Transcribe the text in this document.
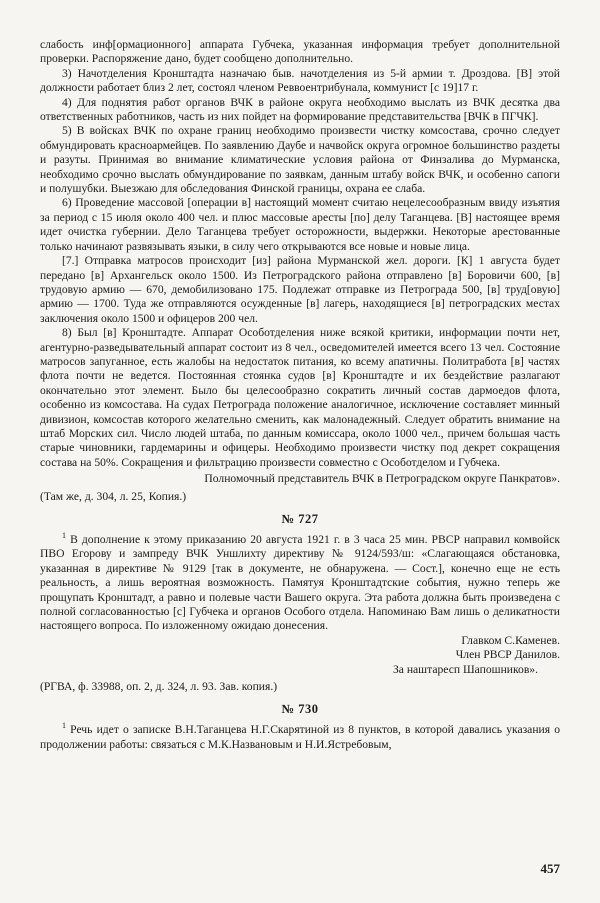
слабость инф[ормационного] аппарата Губчека, указанная информация требует дополнительной проверки. Распоряжение дано, будет сообщено дополнительно.

3) Начотделения Кронштадта назначаю быв. начотделения из 5-й армии т. Дроздова. [В] этой должности работает близ 2 лет, состоял членом Реввоентрибунала, коммунист [с 19]17 г.

4) Для поднятия работ органов ВЧК в районе округа необходимо выслать из ВЧК десятка два ответственных работников, часть из них пойдет на формирование представительства [ВЧК в ПГЧК].

5) В войсках ВЧК по охране границ необходимо произвести чистку комсостава, срочно следует обмундировать красноармейцев. По заявлению Даубе и начвойск округа огромное большинство раздеты и разуты. Принимая во внимание климатические условия района от Финзалива до Мурманска, необходимо срочно выслать обмундирование по заявкам, данным штабу войск ВЧК, и особенно сапоги и полушубки. Выезжаю для обследования Финской границы, охрана ее слаба.

6) Проведение массовой [операции в] настоящий момент считаю нецелесообразным ввиду изъятия за период с 15 июля около 400 чел. и плюс массовые аресты [по] делу Таганцева. [В] настоящее время идет очистка губернии. Дело Таганцева требует осторожности, выдержки. Некоторые арестованные только начинают развязывать языки, в силу чего открываются все новые и новые лица.

[7.] Отправка матросов происходит [из] района Мурманской жел. дороги. [К] 1 августа будет передано [в] Архангельск около 1500. Из Петроградского района отправлено [в] Боровичи 600, [в] трудовую армию — 670, демобилизовано 175. Подлежат отправке из Петрограда 500, [в] труд[овую] армию — 1700. Туда же отправляются осужденные [в] лагерь, находящиеся [в] петроградских местах заключения около 1500 и офицеров 200 чел.

8) Был [в] Кронштадте. Аппарат Особотделения ниже всякой критики, информации почти нет, агентурно-разведывательный аппарат состоит из 8 чел., осведомителей имеется всего 13 чел. Состояние матросов запуганное, есть жалобы на недостаток питания, ко всему апатичны. Политработа [в] частях флота почти не ведется. Постоянная стоянка судов [в] Кронштадте и их бездействие разлагают окончательно этот элемент. Было бы целесообразно сократить личный состав дармоедов флота, особенно из комсостава. На судах Петрограда положение аналогичное, исключение составляет минный дивизион, комсостав которого желательно сменить, как малонадежный. Следует обратить внимание на штаб Морских сил. Число людей штаба, по данным комиссара, около 1000 чел., причем большая часть старые чиновники, гардемарины и офицеры. Необходимо произвести чистку под декрет сокращения состава на 50%. Сокращения и фильтрацию произвести совместно с Особотделом и Губчека.

Полномочный представитель ВЧК в Петроградском округе Панкратов».

(Там же, д. 304, л. 25, Копия.)

№ 727

$^1$ В дополнение к этому приказанию 20 августа 1921 г. в 3 часа 25 мин. РВСР направил комвойск ПВО Егорову и зампреду ВЧК Уншлихту директиву № 9124/593/ш: «Слагающаяся обстановка, указанная в директиве № 9129 [так в документе, не обнаружена. — Сост.], конечно еще не есть реальность, а лишь вероятная возможность. Памятуя Кронштадтские события, нужно теперь же прощупать Кронштадт, а равно и полевые части Вашего округа. Эта работа должна быть произведена с полной согласованностью [с] Губчека и органов Особого отдела. Напоминаю Вам лишь о деликатности настоящего вопроса. По изложенному ожидаю донесения.

Главком С.Каменев.

Член РВСР Данилов.

За наштаресп Шапошников».

(РГВА, ф. 33988, оп. 2, д. 324, л. 93. Зав. копия.)

№ 730

$^1$ Речь идет о записке В.Н.Таганцева Н.Г.Скарятиной из 8 пунктов, в которой давались указания о продолжении работы: связаться с М.К.Названовым и Н.И.Ястребовым,

457
